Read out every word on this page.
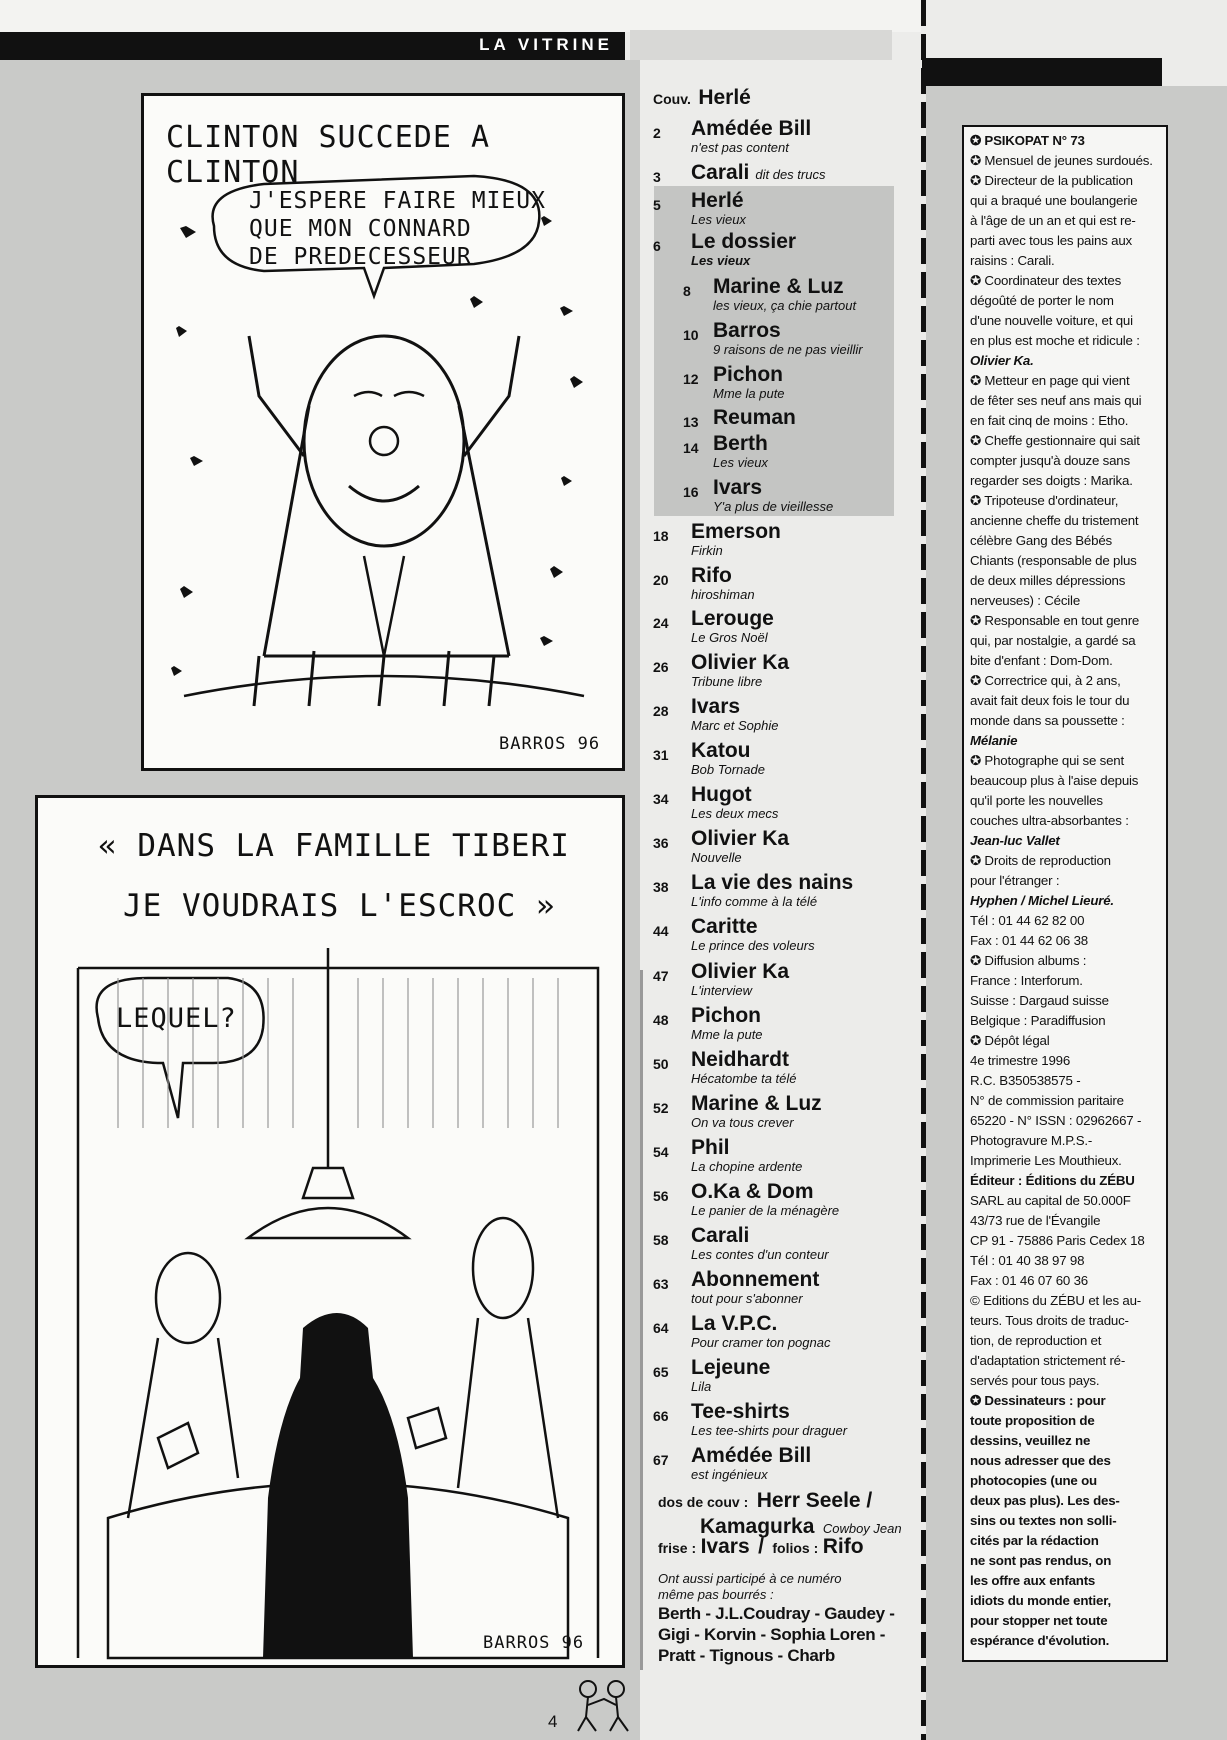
LA VITRINE
CLINTON SUCCEDE A CLINTON
J'ESPERE FAIRE MIEUX
QUE MON CONNARD
DE PREDECESSEUR
BARROS 96
« DANS LA FAMILLE TIBERI
JE VOUDRAIS L'ESCROC »
LEQUEL?
BARROS 96
Couv. Herlé
2 Amédée Bill
n'est pas content
3 Carali dit des trucs
5 Herlé
Les vieux
6 Le dossier
Les vieux
8 Marine & Luz
les vieux, ça chie partout
10 Barros
9 raisons de ne pas vieillir
12 Pichon
Mme la pute
13 Reuman
14 Berth
Les vieux
16 Ivars
Y'a plus de vieillesse
18 Emerson
Firkin
20 Rifo
hiroshiman
24 Lerouge
Le Gros Noël
26 Olivier Ka
Tribune libre
28 Ivars
Marc et Sophie
31 Katou
Bob Tornade
34 Hugot
Les deux mecs
36 Olivier Ka
Nouvelle
38 La vie des nains
L'info comme à la télé
44 Caritte
Le prince des voleurs
47 Olivier Ka
L'interview
48 Pichon
Mme la pute
50 Neidhardt
Hécatombe ta télé
52 Marine & Luz
On va tous crever
54 Phil
La chopine ardente
56 O.Ka & Dom
Le panier de la ménagère
58 Carali
Les contes d'un conteur
63 Abonnement
tout pour s'abonner
64 La V.P.C.
Pour cramer ton pognac
65 Lejeune
Lila
66 Tee-shirts
Les tee-shirts pour draguer
67 Amédée Bill
est ingénieux
dos de couv : Herr Seele /
Kamagurka Cowboy Jean
frise : Ivars / folios : Rifo
Ont aussi participé à ce numéro
même pas bourrés :
Berth - J.L.Coudray - Gaudey -
Gigi - Korvin - Sophia Loren -
Pratt - Tignous - Charb

✪ PSIKOPAT N° 73

✪ Mensuel de jeunes surdoués.

✪ Directeur de la publication

qui a braqué une boulangerie

à l'âge de un an et qui est re-

parti avec tous les pains aux

raisins : Carali.

✪ Coordinateur des textes

dégoûté de porter le nom

d'une nouvelle voiture, et qui

en plus est moche et ridicule :

Olivier Ka.

✪ Metteur en page qui vient

de fêter ses neuf ans mais qui

en fait cinq de moins : Etho.

✪ Cheffe gestionnaire qui sait

compter jusqu'à douze sans

regarder ses doigts : Marika.

✪ Tripoteuse d'ordinateur,

ancienne cheffe du tristement

célèbre Gang des Bébés

Chiants (responsable de plus

de deux milles dépressions

nerveuses) : Cécile

✪ Responsable en tout genre

qui, par nostalgie, a gardé sa

bite d'enfant : Dom-Dom.

✪ Correctrice qui, à 2 ans,

avait fait deux fois le tour du

monde dans sa poussette :

Mélanie

✪ Photographe qui se sent

beaucoup plus à l'aise depuis

qu'il porte les nouvelles

couches ultra-absorbantes :

Jean-luc Vallet

✪ Droits de reproduction

pour l'étranger :

Hyphen / Michel Lieuré.

Tél : 01 44 62 82 00

Fax : 01 44 62 06 38

✪ Diffusion albums :

France : Interforum.

Suisse : Dargaud suisse

Belgique : Paradiffusion

✪ Dépôt légal

4e trimestre 1996

R.C. B350538575 -

N° de commission paritaire

65220 - N° ISSN : 02962667 -

Photogravure M.P.S.-

Imprimerie Les Mouthieux.

Éditeur : Éditions du ZÉBU

SARL au capital de 50.000F

43/73 rue de l'Évangile

CP 91 - 75886 Paris Cedex 18

Tél : 01 40 38 97 98

Fax : 01 46 07 60 36

© Editions du ZÉBU et les au-

teurs. Tous droits de traduc-

tion, de reproduction et

d'adaptation strictement ré-

servés pour tous pays.

✪ Dessinateurs : pour

toute proposition de

dessins, veuillez ne

nous adresser que des

photocopies (une ou

deux pas plus). Les des-

sins ou textes non solli-

cités par la rédaction

ne sont pas rendus, on

les offre aux enfants

idiots du monde entier,

pour stopper net toute

espérance d'évolution.

4
